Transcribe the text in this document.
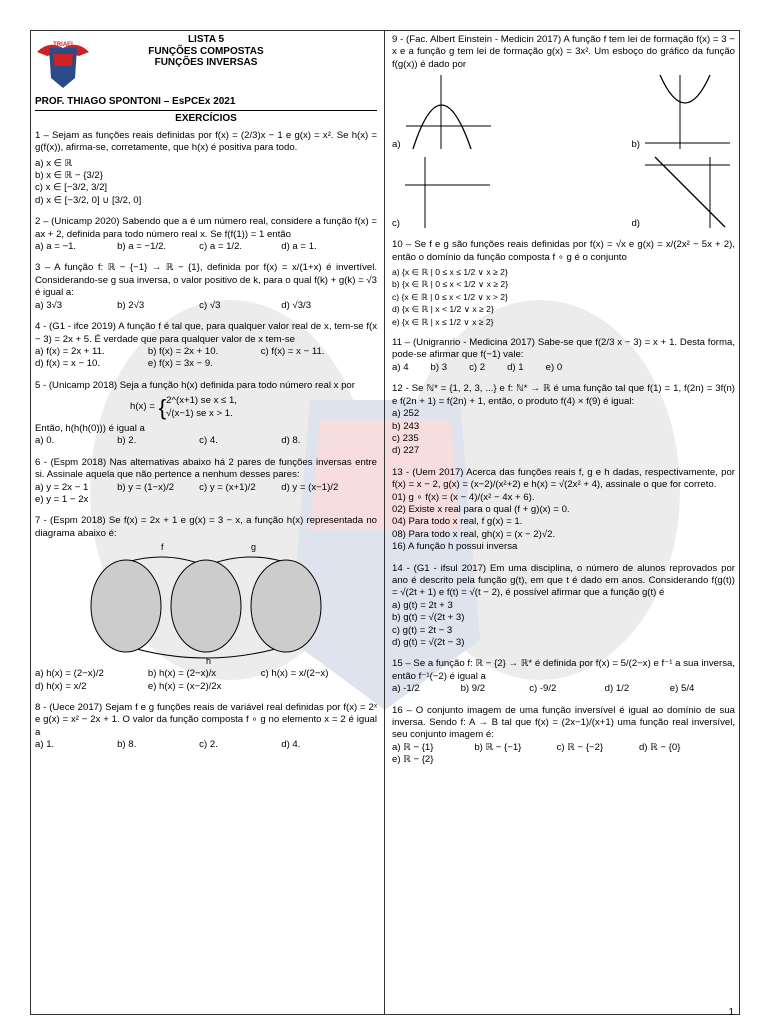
TRIAEI	LISTA 5
FUNÇÕES COMPOSTAS
FUNÇÕES INVERSAS
PROF. THIAGO SPONTONI – EsPCEx 2021
EXERCÍCIOS

1 – Sejam as funções reais definidas por f(x) = (2/3)x − 1 e g(x) = x². Se h(x) = g(f(x)), afirma-se, corretamente, que h(x) é positiva para todo.

a) x ∈ ℝ
b) x ∈ ℝ − {3/2}
c) x ∈ [−3/2, 3/2]
d) x ∈ [−3/2, 0] ∪ [3/2, 0]

2 – (Unicamp 2020) Sabendo que a é um número real, considere a função f(x) = ax + 2, definida para todo número real x. Se f(f(1)) = 1 então

a) a = −1.	b) a = −1/2.	c) a = 1/2.	d) a = 1.

3 – A função f: ℝ − {−1} → ℝ − {1}, definida por f(x) = x/(1+x) é invertível. Considerando-se g sua inversa, o valor positivo de k, para o qual f(k) + g(k) = √3 é igual a:

a) 3√3	b) 2√3	c) √3	d) √3/3

4 - (G1 - ifce 2019) A função f é tal que, para qualquer valor real de x, tem-se f(x − 3) = 2x + 5. É verdade que para qualquer valor de x tem-se

a) f(x) = 2x + 11.	b) f(x) = 2x + 10.	c) f(x) = x − 11.
d) f(x) = x − 10.	e) f(x) = 3x − 9.

5 - (Unicamp 2018) Seja a função h(x) definida para todo número real x por

h(x) = { 2^(x+1) se x ≤ 1,
√(x−1) se x > 1.

Então, h(h(h(0))) é igual a

a) 0.	b) 2.	c) 4.	d) 8.

6 - (Espm 2018) Nas alternativas abaixo há 2 pares de funções inversas entre si. Assinale aquela que não pertence a nenhum desses pares:

a) y = 2x − 1	b) y = (1−x)/2	c) y = (x+1)/2	d) y = (x−1)/2
e) y = 1 − 2x

7 - (Espm 2018) Se f(x) = 2x + 1 e g(x) = 3 − x, a função h(x) representada no diagrama abaixo é:

f	g
h
a) h(x) = (2−x)/2	b) h(x) = (2−x)/x	c) h(x) = x/(2−x)
d) h(x) = x/2	e) h(x) = (x−2)/2x

8 - (Uece 2017) Sejam f e g funções reais de variável real definidas por f(x) = 2ˣ e g(x) = x² − 2x + 1. O valor da função composta f ∘ g no elemento x = 2 é igual a

a) 1.	b) 8.	c) 2.	d) 4.

9 - (Fac. Albert Einstein - Medicin 2017) A função f tem lei de formação f(x) = 3 − x e a função g tem lei de formação g(x) = 3x². Um esboço do gráfico da função f(g(x)) é dado por

a)	b)
c)	d)

10 – Se f e g são funções reais definidas por f(x) = √x e g(x) = x/(2x² − 5x + 2), então o domínio da função composta f ∘ g é o conjunto

a) {x ∈ ℝ | 0 ≤ x ≤ 1/2 ∨ x ≥ 2}
b) {x ∈ ℝ | 0 ≤ x < 1/2 ∨ x ≥ 2}
c) {x ∈ ℝ | 0 ≤ x < 1/2 ∨ x > 2}
d) {x ∈ ℝ | x < 1/2 ∨ x ≥ 2}
e) {x ∈ ℝ | x ≤ 1/2 ∨ x ≥ 2}

11 – (Unigranrio - Medicina 2017) Sabe-se que f(2/3 x − 3) = x + 1. Desta forma, pode-se afirmar que f(−1) vale:

a) 4 b) 3 c) 2 d) 1 e) 0

12 - Se ℕ* = {1, 2, 3, ...} e f: ℕ* → ℝ é uma função tal que f(1) = 1, f(2n) = 3f(n) e f(2n + 1) = f(2n) + 1, então, o produto f(4) × f(9) é igual:

a) 252
b) 243
c) 235
d) 227

13 - (Uem 2017) Acerca das funções reais f, g e h dadas, respectivamente, por f(x) = x − 2, g(x) = (x−2)/(x²+2) e h(x) = √(2x² + 4), assinale o que for correto.

01) g ∘ f(x) = (x − 4)/(x² − 4x + 6).
02) Existe x real para o qual (f + g)(x) = 0.
04) Para todo x real, f g(x) = 1.
08) Para todo x real, gh(x) = (x − 2)√2.
16) A função h possui inversa

14 - (G1 - ifsul 2017) Em uma disciplina, o número de alunos reprovados por ano é descrito pela função g(t), em que t é dado em anos. Considerando f(g(t)) = √(2t + 1) e f(t) = √(t − 2), é possível afirmar que a função g(t) é

a) g(t) = 2t + 3
b) g(t) = √(2t + 3)
c) g(t) = 2t − 3
d) g(t) = √(2t − 3)

15 – Se a função f: ℝ − {2} → ℝ* é definida por f(x) = 5/(2−x) e f⁻¹ a sua inversa, então f⁻¹(−2) é igual a

a) -1/2	b) 9/2	c) -9/2	d) 1/2	e) 5/4

16 – O conjunto imagem de uma função inversível é igual ao domínio de sua inversa. Sendo f: A → B tal que f(x) = (2x−1)/(x+1) uma função real inversível, seu conjunto imagem é:

a) ℝ − {1}	b) ℝ − {−1}	c) ℝ − {−2}	d) ℝ − {0}
e) ℝ − {2}
1
